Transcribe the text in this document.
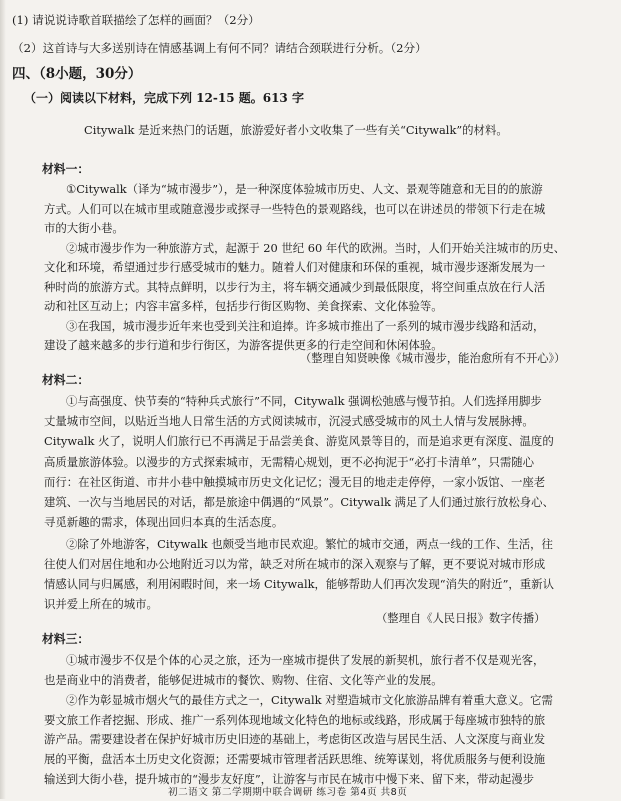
(1) 请说说诗歌首联描绘了怎样的画面？（2分）
（2）这首诗与大多送别诗在情感基调上有何不同？请结合颈联进行分析。（2分）
四、（8小题，30分）
（一）阅读以下材料，完成下列 12-15 题。613 字
Citywalk 是近来热门的话题，旅游爱好者小文收集了一些有关“Citywalk”的材料。
材料一：
①Citywalk（译为“城市漫步”），是一种深度体验城市历史、人文、景观等随意和无目的的旅游
方式。人们可以在城市里或随意漫步或探寻一些特色的景观路线，也可以在讲述员的带领下行走在城
市的大街小巷。
②城市漫步作为一种旅游方式，起源于 20 世纪 60 年代的欧洲。当时，人们开始关注城市的历史、
文化和环境，希望通过步行感受城市的魅力。随着人们对健康和环保的重视，城市漫步逐渐发展为一
种时尚的旅游方式。其特点鲜明，以步行为主，将车辆交通减少到最低限度，将空间重点放在行人活
动和社区互动上；内容丰富多样，包括步行街区购物、美食探索、文化体验等。
③在我国，城市漫步近年来也受到关注和追捧。许多城市推出了一系列的城市漫步线路和活动，
建设了越来越多的步行道和步行街区，为游客提供更多的行走空间和休闲体验。
（整理自知贤映像《城市漫步，能治愈所有不开心》）
材料二：
①与高强度、快节奏的“特种兵式旅行”不同，Citywalk 强调松弛感与慢节拍。人们选择用脚步
丈量城市空间，以贴近当地人日常生活的方式阅读城市，沉浸式感受城市的风土人情与发展脉搏。
Citywalk 火了，说明人们旅行已不再满足于品尝美食、游览风景等目的，而是追求更有深度、温度的
高质量旅游体验。以漫步的方式探索城市，无需精心规划，更不必拘泥于“必打卡清单”，只需随心
而行：在社区街道、市井小巷中触摸城市历史文化记忆；漫无目的地走走停停，一家小饭馆、一座老
建筑、一次与当地居民的对话，都是旅途中偶遇的“风景”。Citywalk 满足了人们通过旅行放松身心、
寻觅新趣的需求，体现出回归本真的生活态度。
②除了外地游客，Citywalk 也颇受当地市民欢迎。繁忙的城市交通，两点一线的工作、生活，往
往使人们对居住地和办公地附近习以为常，缺乏对所在城市的深入观察与了解，更不要说对城市形成
情感认同与归属感，利用闲暇时间，来一场 Citywalk，能够帮助人们再次发现“消失的附近”，重新认
识并爱上所在的城市。
（整理自《人民日报》数字传播）
材料三：
①城市漫步不仅是个体的心灵之旅，还为一座城市提供了发展的新契机，旅行者不仅是观光客，
也是商业中的消费者，能够促进城市的餐饮、购物、住宿、文化等产业的发展。
②作为彰显城市烟火气的最佳方式之一，Citywalk 对塑造城市文化旅游品牌有着重大意义。它需
要文旅工作者挖掘、形成、推广一系列体现地域文化特色的地标或线路，形成属于每座城市独特的旅
游产品。需要建设者在保护好城市历史旧迹的基础上，考虑街区改造与居民生活、人文深度与商业发
展的平衡，盘活本土历史文化资源；还需要城市管理者活跃思维、统筹谋划，将优质服务与便利设施
输送到大街小巷，提升城市的“漫步友好度”，让游客与市民在城市中慢下来、留下来，带动起漫步
初二语文 第二学期期中联合调研 练习卷 第4页 共8页
